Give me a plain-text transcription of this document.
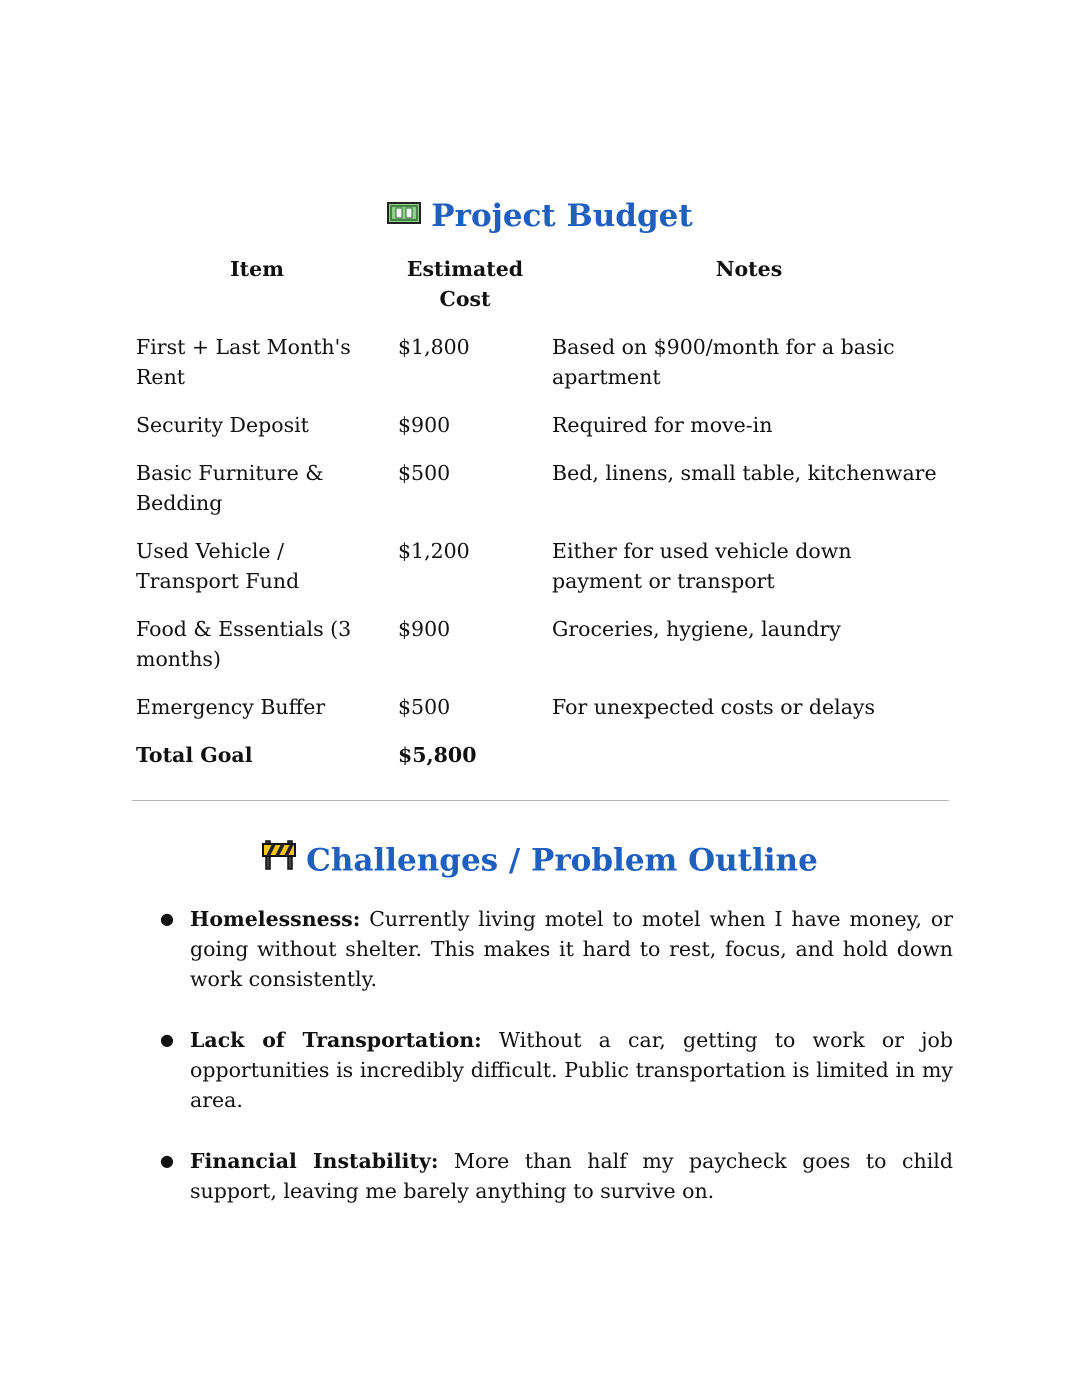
Project Budget
Item	Estimated Cost	Notes
First + Last Month's Rent	$1,800	Based on $900/month for a basic apartment
Security Deposit	$900	Required for move-in
Basic Furniture & Bedding	$500	Bed, linens, small table, kitchenware
Used Vehicle / Transport Fund	$1,200	Either for used vehicle down payment or transport
Food & Essentials (3 months)	$900	Groceries, hygiene, laundry
Emergency Buffer	$500	For unexpected costs or delays
Total Goal	$5,800	
Challenges / Problem Outline
● Homelessness: Currently living motel to motel when I have money, or going without shelter. This makes it hard to rest, focus, and hold down work consistently.
● Lack of Transportation: Without a car, getting to work or job opportunities is incredibly difficult. Public transportation is limited in my area.
● Financial Instability: More than half my paycheck goes to child support, leaving me barely anything to survive on.
